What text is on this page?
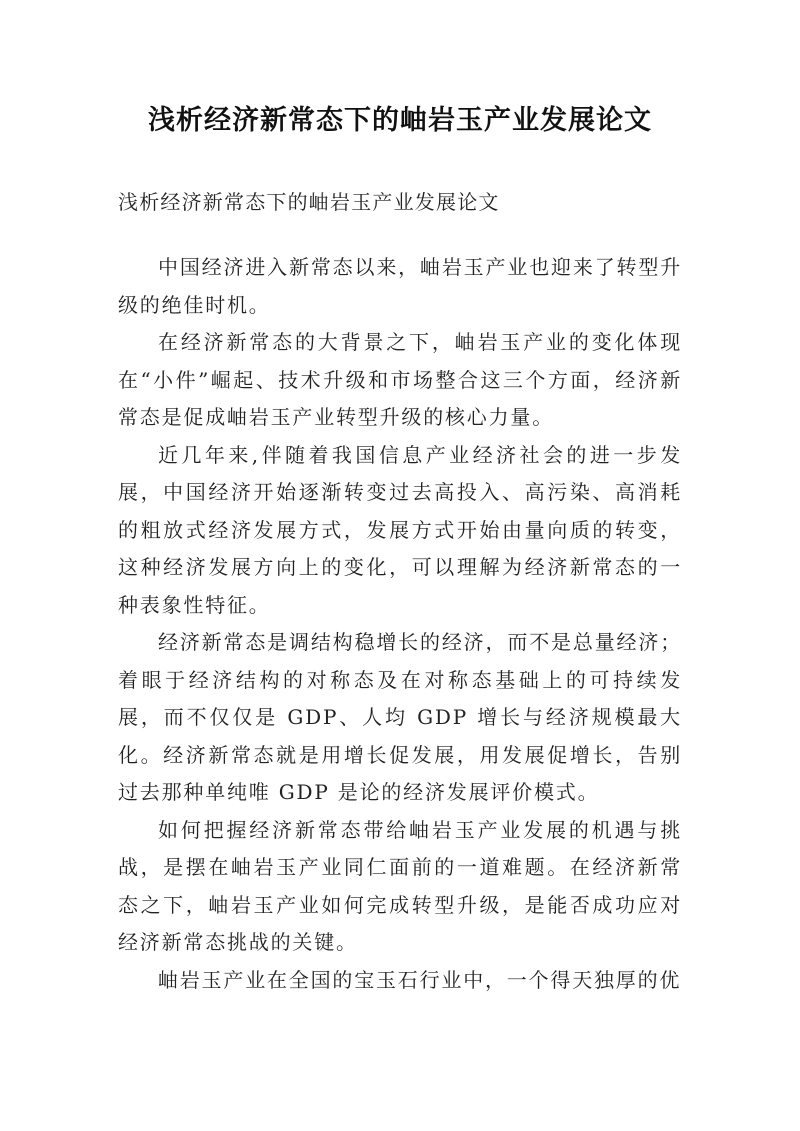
浅析经济新常态下的岫岩玉产业发展论文
浅析经济新常态下的岫岩玉产业发展论文

中国经济进入新常态以来，岫岩玉产业也迎来了转型升级的绝佳时机。

在经济新常态的大背景之下，岫岩玉产业的变化体现在“小件”崛起、技术升级和市场整合这三个方面，经济新常态是促成岫岩玉产业转型升级的核心力量。

近几年来,伴随着我国信息产业经济社会的进一步发展，中国经济开始逐渐转变过去高投入、高污染、高消耗的粗放式经济发展方式，发展方式开始由量向质的转变，这种经济发展方向上的变化，可以理解为经济新常态的一种表象性特征。

经济新常态是调结构稳增长的经济，而不是总量经济；着眼于经济结构的对称态及在对称态基础上的可持续发展，而不仅仅是 GDP、人均 GDP 增长与经济规模最大化。经济新常态就是用增长促发展，用发展促增长，告别过去那种单纯唯 GDP 是论的经济发展评价模式。

如何把握经济新常态带给岫岩玉产业发展的机遇与挑战，是摆在岫岩玉产业同仁面前的一道难题。在经济新常态之下，岫岩玉产业如何完成转型升级，是能否成功应对经济新常态挑战的关键。

岫岩玉产业在全国的宝玉石行业中，一个得天独厚的优
